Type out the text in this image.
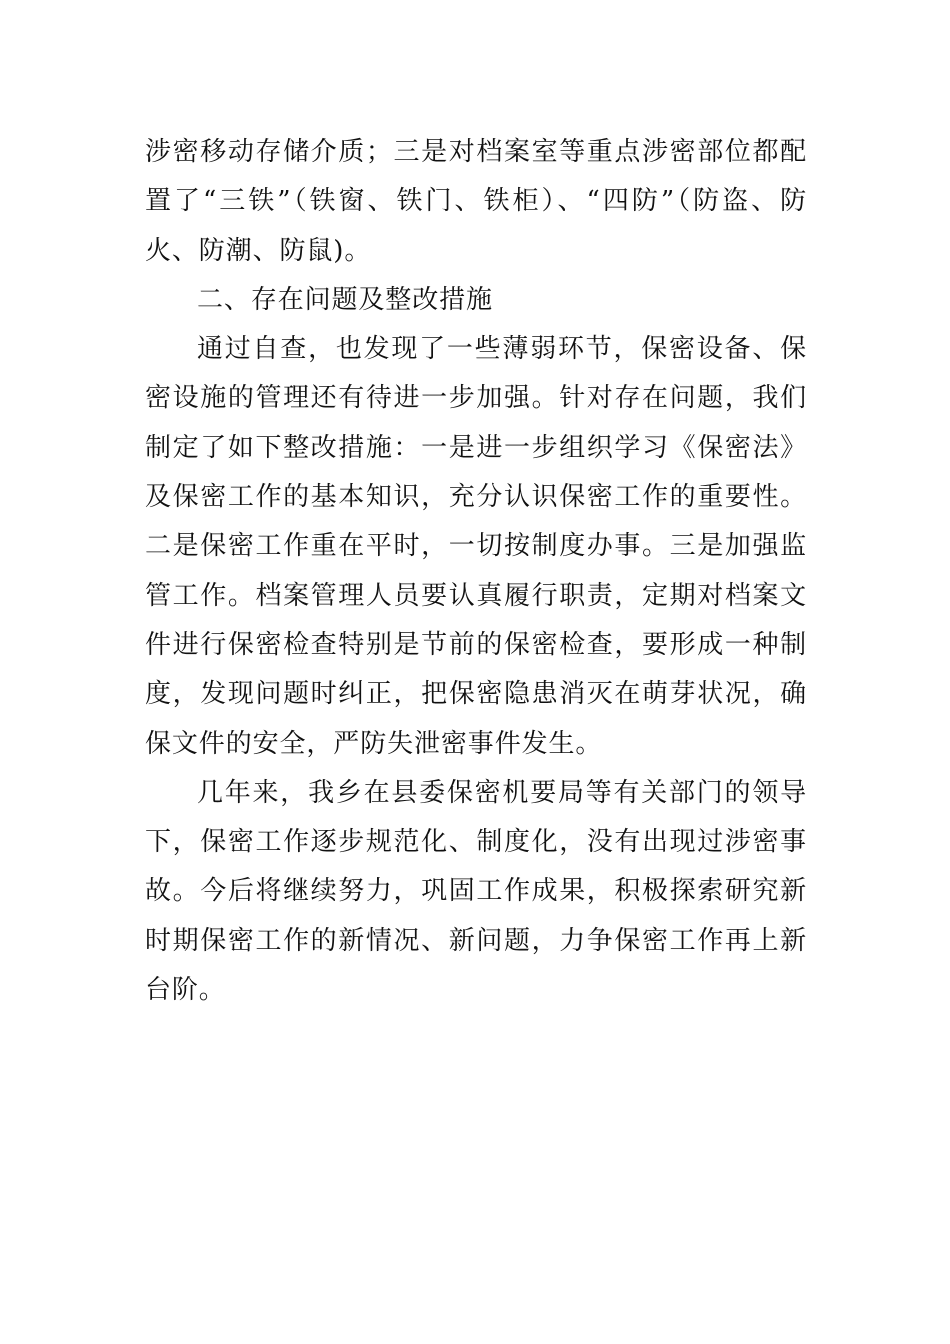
涉密移动存储介质；三是对档案室等重点涉密部位都配置了“三铁”（铁窗、铁门、铁柜）、“四防”（防盗、防火、防潮、防鼠)。

二、存在问题及整改措施

通过自查，也发现了一些薄弱环节，保密设备、保密设施的管理还有待进一步加强。针对存在问题，我们制定了如下整改措施：一是进一步组织学习《保密法》及保密工作的基本知识，充分认识保密工作的重要性。二是保密工作重在平时，一切按制度办事。三是加强监管工作。档案管理人员要认真履行职责，定期对档案文件进行保密检查特别是节前的保密检查，要形成一种制度，发现问题时纠正，把保密隐患消灭在萌芽状况，确保文件的安全，严防失泄密事件发生。

几年来，我乡在县委保密机要局等有关部门的领导下，保密工作逐步规范化、制度化，没有出现过涉密事故。今后将继续努力，巩固工作成果，积极探索研究新时期保密工作的新情况、新问题，力争保密工作再上新台阶。
